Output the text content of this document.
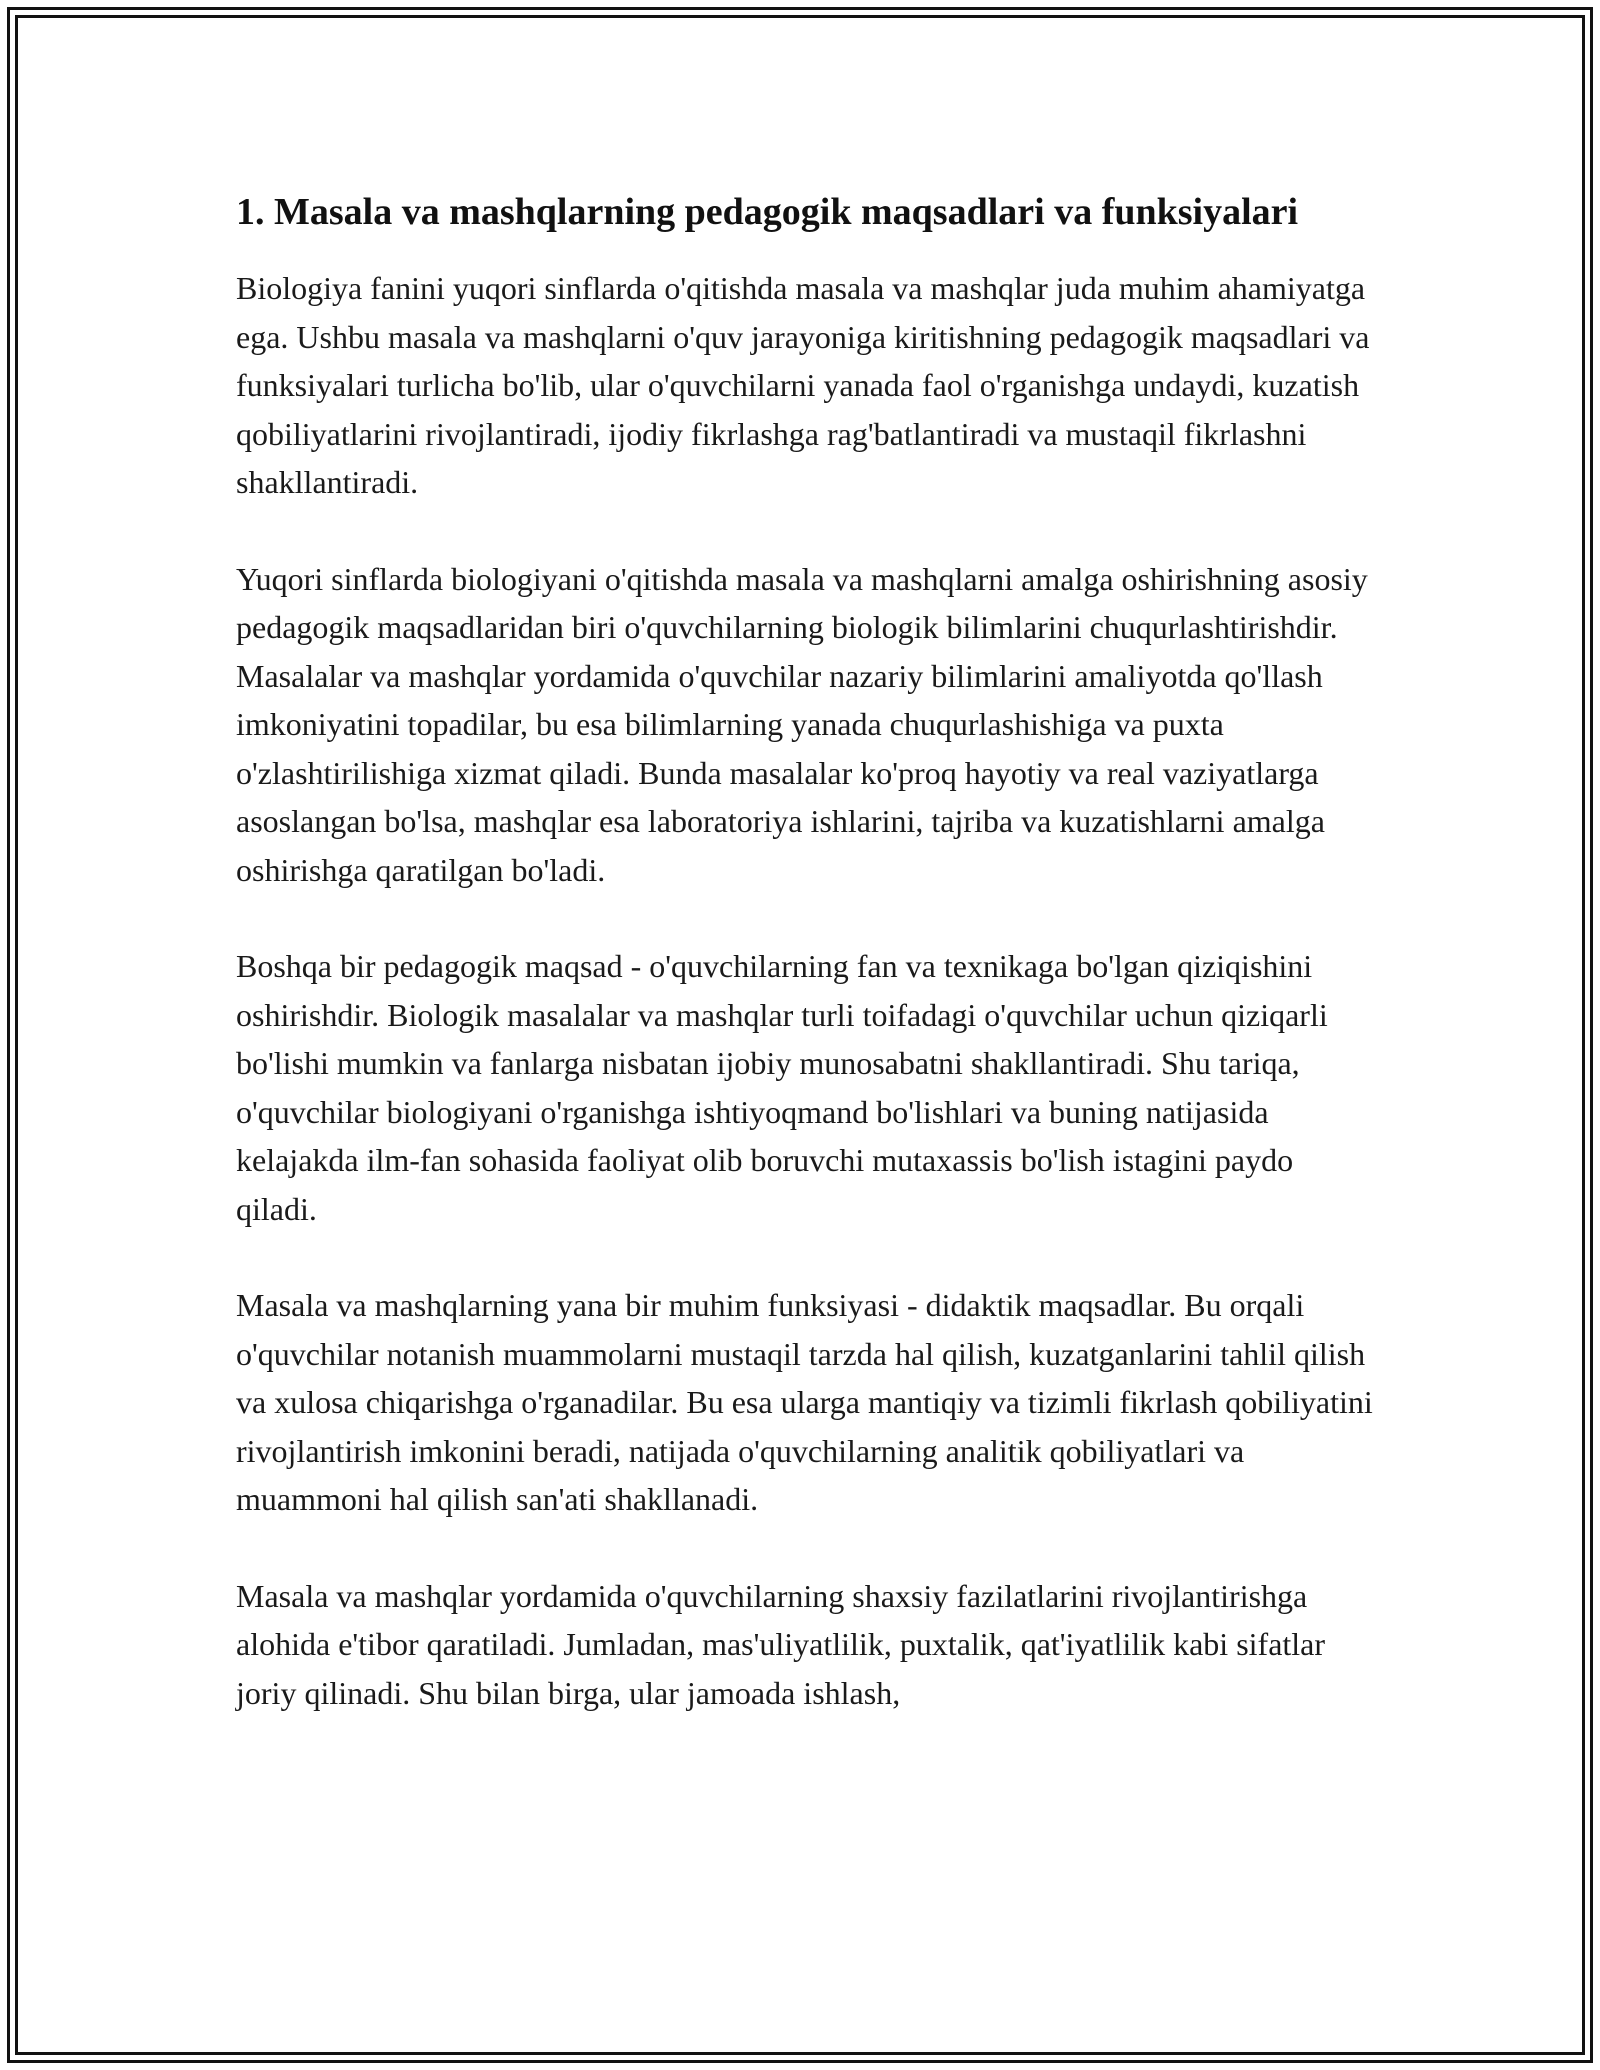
1. Masala va mashqlarning pedagogik maqsadlari va funksiyalari

Biologiya fanini yuqori sinflarda o'qitishda masala va mashqlar juda muhim ahamiyatga ega. Ushbu masala va mashqlarni o'quv jarayoniga kiritishning pedagogik maqsadlari va funksiyalari turlicha bo'lib, ular o'quvchilarni yanada faol o'rganishga undaydi, kuzatish qobiliyatlarini rivojlantiradi, ijodiy fikrlashga rag'batlantiradi va mustaqil fikrlashni shakllantiradi.

Yuqori sinflarda biologiyani o'qitishda masala va mashqlarni amalga oshirishning asosiy pedagogik maqsadlaridan biri o'quvchilarning biologik bilimlarini chuqurlashtirishdir. Masalalar va mashqlar yordamida o'quvchilar nazariy bilimlarini amaliyotda qo'llash imkoniyatini topadilar, bu esa bilimlarning yanada chuqurlashishiga va puxta o'zlashtirilishiga xizmat qiladi. Bunda masalalar ko'proq hayotiy va real vaziyatlarga asoslangan bo'lsa, mashqlar esa laboratoriya ishlarini, tajriba va kuzatishlarni amalga oshirishga qaratilgan bo'ladi.

Boshqa bir pedagogik maqsad - o'quvchilarning fan va texnikaga bo'lgan qiziqishini oshirishdir. Biologik masalalar va mashqlar turli toifadagi o'quvchilar uchun qiziqarli bo'lishi mumkin va fanlarga nisbatan ijobiy munosabatni shakllantiradi. Shu tariqa, o'quvchilar biologiyani o'rganishga ishtiyoqmand bo'lishlari va buning natijasida kelajakda ilm-fan sohasida faoliyat olib boruvchi mutaxassis bo'lish istagini paydo qiladi.

Masala va mashqlarning yana bir muhim funksiyasi - didaktik maqsadlar. Bu orqali o'quvchilar notanish muammolarni mustaqil tarzda hal qilish, kuzatganlarini tahlil qilish va xulosa chiqarishga o'rganadilar. Bu esa ularga mantiqiy va tizimli fikrlash qobiliyatini rivojlantirish imkonini beradi, natijada o'quvchilarning analitik qobiliyatlari va muammoni hal qilish san'ati shakllanadi.

Masala va mashqlar yordamida o'quvchilarning shaxsiy fazilatlarini rivojlantirishga alohida e'tibor qaratiladi. Jumladan, mas'uliyatlilik, puxtalik, qat'iyatlilik kabi sifatlar joriy qilinadi. Shu bilan birga, ular jamoada ishlash,
